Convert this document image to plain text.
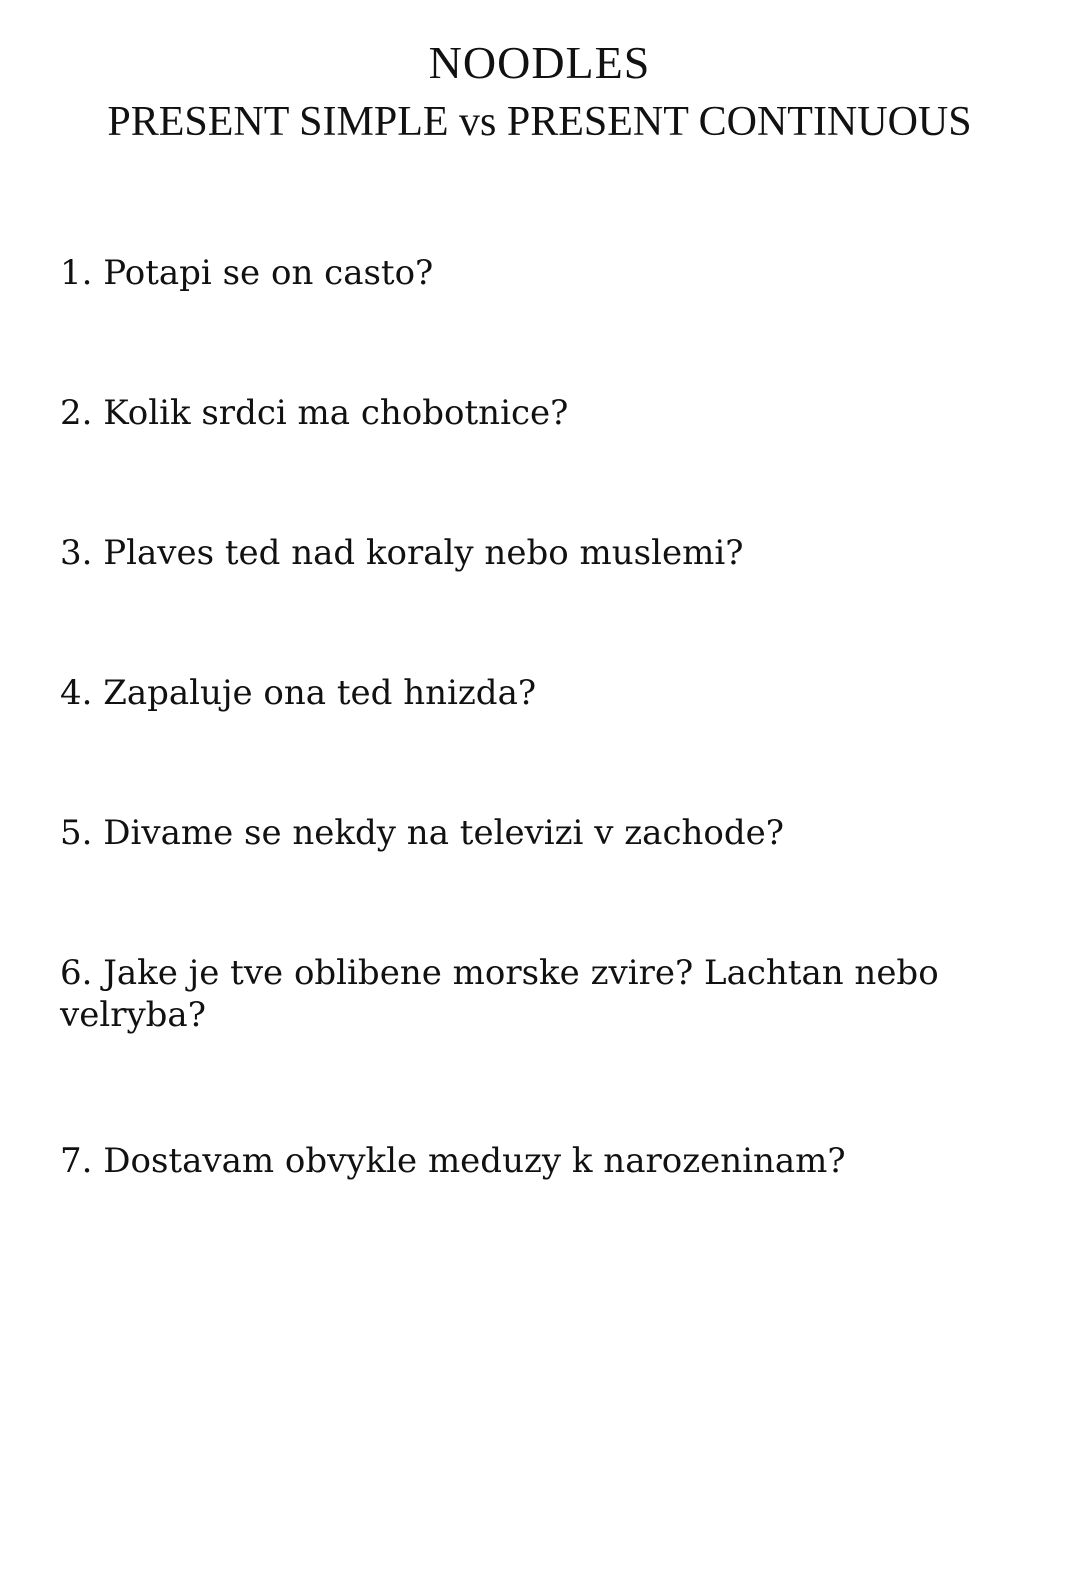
NOODLES
PRESENT SIMPLE vs PRESENT CONTINUOUS

1. Potapi se on casto?

2. Kolik srdci ma chobotnice?

3. Plaves ted nad koraly nebo muslemi?

4. Zapaluje ona ted hnizda?

5. Divame se nekdy na televizi v zachode?

6. Jake je tve oblibene morske zvire? Lachtan nebo velryba?

7. Dostavam obvykle meduzy k narozeninam?
